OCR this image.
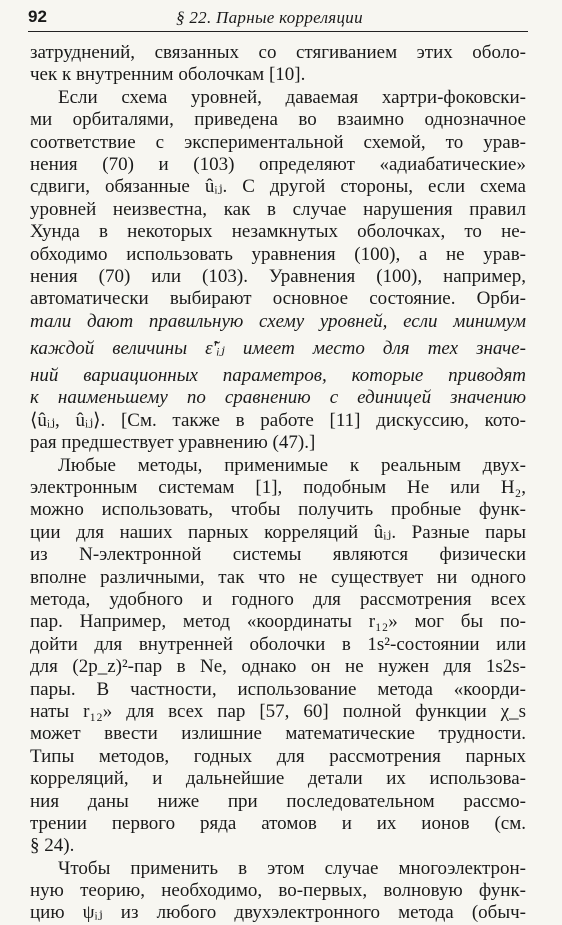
92	§ 22. Парные корреляции
затруднений, связанных со стягиванием этих оболо-
чек к внутренним оболочкам [10].
Если схема уровней, даваемая хартри-фоковски-
ми орбиталями, приведена во взаимно однозначное
соответствие с экспериментальной схемой, то урав-
нения (70) и (103) определяют «адиабатические»
сдвиги, обязанные ûᵢⱼ. С другой стороны, если схема
уровней неизвестна, как в случае нарушения правил
Хунда в некоторых незамкнутых оболочках, то не-
обходимо использовать уравнения (100), а не урав-
нения (70) или (103). Уравнения (100), например,
автоматически выбирают основное состояние. Орби-
тали дают правильную схему уровней, если минимум
каждой величины ε̃′ᵢⱼ имеет место для тех значе-
ний вариационных параметров, которые приводят
к наименьшему по сравнению с единицей значению
⟨ûᵢⱼ, ûᵢⱼ⟩. [См. также в работе [11] дискуссию, кото-
рая предшествует уравнению (47).]
Любые методы, применимые к реальным двух-
электронным системам [1], подобным He или H₂,
можно использовать, чтобы получить пробные функ-
ции для наших парных корреляций ûᵢⱼ. Разные пары
из N-электронной системы являются физически
вполне различными, так что не существует ни одного
метода, удобного и годного для рассмотрения всех
пар. Например, метод «координаты r₁₂» мог бы по-
дойти для внутренней оболочки в 1s²-состоянии или
для (2p_z)²-пар в Ne, однако он не нужен для 1s2s-
пары. В частности, использование метода «коорди-
наты r₁₂» для всех пар [57, 60] полной функции χ_s
может ввести излишние математические трудности.
Типы методов, годных для рассмотрения парных
корреляций, и дальнейшие детали их использова-
ния даны ниже при последовательном рассмо-
трении первого ряда атомов и их ионов (см.
§ 24).
Чтобы применить в этом случае многоэлектрон-
ную теорию, необходимо, во-первых, волновую функ-
цию ψᵢⱼ из любого двухэлектронного метода (обыч-
